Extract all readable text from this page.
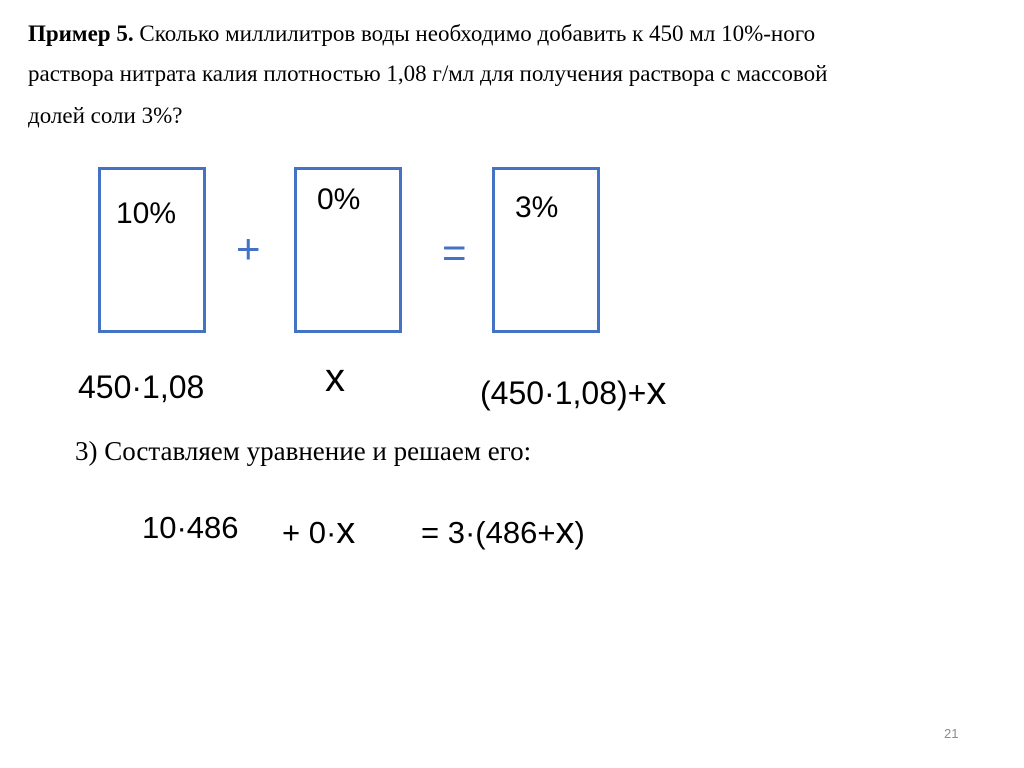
Пример 5. Сколько миллилитров воды необходимо добавить к 450 мл 10%-ного
раствора нитрата калия плотностью 1,08 г/мл для получения раствора с массовой
долей соли 3%?
10%	0%	3%
+	=
450·1,08	x	(450·1,08)+x
3) Составляем уравнение и решаем его:
10·486 + 0·x = 3·(486+x)
21
